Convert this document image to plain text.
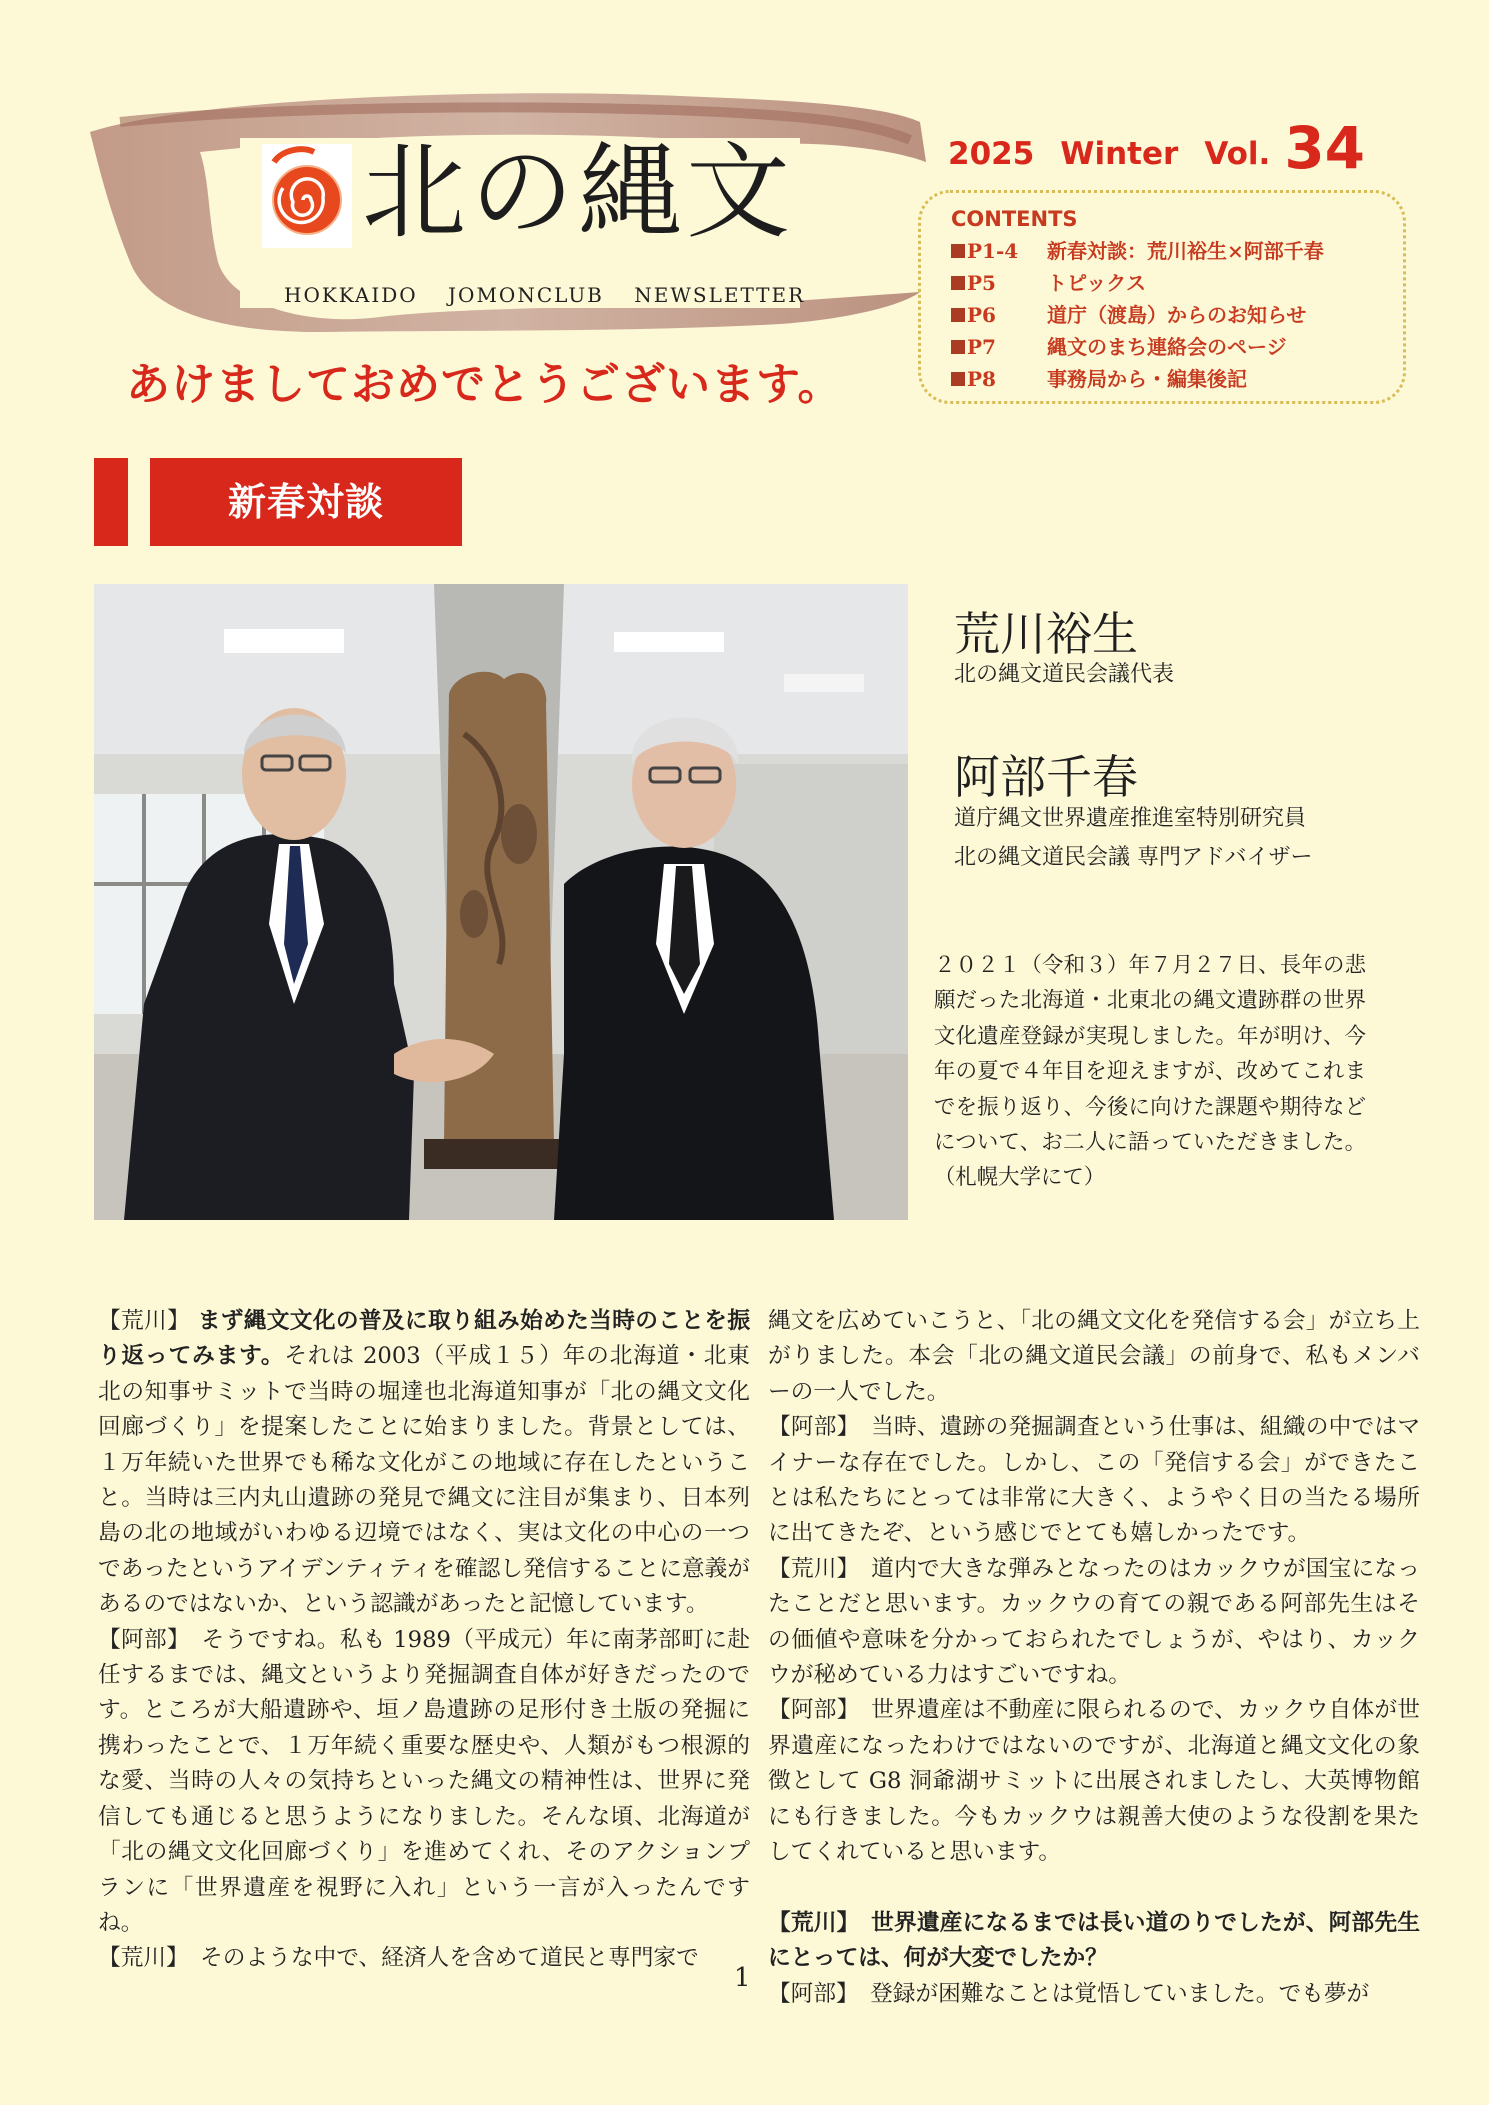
北の縄文
HOKKAIDO JOMONCLUB NEWSLETTER
あけましておめでとうございます。
2025 Winter Vol. 34
CONTENTS
P1-4 新春対談：荒川裕生×阿部千春
P5	トピックス
P6	道庁（渡島）からのお知らせ
P7	縄文のまち連絡会のページ
P8	事務局から・編集後記
新春対談
荒川裕生
北の縄文道民会議代表
阿部千春
道庁縄文世界遺産推進室特別研究員
北の縄文道民会議 専門アドバイザー
２０２１（令和３）年７月２７日、長年の悲願だった北海道・北東北の縄文遺跡群の世界文化遺産登録が実現しました。年が明け、今年の夏で４年目を迎えますが、改めてこれまでを振り返り、今後に向けた課題や期待などについて、お二人に語っていただきました。（札幌大学にて）

【荒川】 まず縄文文化の普及に取り組み始めた当時のことを振り返ってみます。それは 2003（平成１５）年の北海道・北東北の知事サミットで当時の堀達也北海道知事が「北の縄文文化回廊づくり」を提案したことに始まりました。背景としては、１万年続いた世界でも稀な文化がこの地域に存在したということ。当時は三内丸山遺跡の発見で縄文に注目が集まり、日本列島の北の地域がいわゆる辺境ではなく、実は文化の中心の一つであったというアイデンティティを確認し発信することに意義があるのではないか、という認識があったと記憶しています。

【阿部】　そうですね。私も 1989（平成元）年に南茅部町に赴任するまでは、縄文というより発掘調査自体が好きだったのです。ところが大船遺跡や、垣ノ島遺跡の足形付き土版の発掘に携わったことで、１万年続く重要な歴史や、人類がもつ根源的な愛、当時の人々の気持ちといった縄文の精神性は、世界に発信しても通じると思うようになりました。そんな頃、北海道が「北の縄文文化回廊づくり」を進めてくれ、そのアクションプランに「世界遺産を視野に入れ」という一言が入ったんですね。

【荒川】　そのような中で、経済人を含めて道民と専門家で

縄文を広めていこうと、「北の縄文文化を発信する会」が立ち上がりました。本会「北の縄文道民会議」の前身で、私もメンバーの一人でした。

【阿部】　当時、遺跡の発掘調査という仕事は、組織の中ではマイナーな存在でした。しかし、この「発信する会」ができたことは私たちにとっては非常に大きく、ようやく日の当たる場所に出てきたぞ、という感じでとても嬉しかったです。

【荒川】　道内で大きな弾みとなったのはカックウが国宝になったことだと思います。カックウの育ての親である阿部先生はその価値や意味を分かっておられたでしょうが、やはり、カックウが秘めている力はすごいですね。

【阿部】　世界遺産は不動産に限られるので、カックウ自体が世界遺産になったわけではないのですが、北海道と縄文文化の象徴として G8 洞爺湖サミットに出展されましたし、大英博物館にも行きました。今もカックウは親善大使のような役割を果たしてくれていると思います。

【荒川】　世界遺産になるまでは長い道のりでしたが、阿部先生にとっては、何が大変でしたか？

【阿部】　登録が困難なことは覚悟していました。でも夢が

1
